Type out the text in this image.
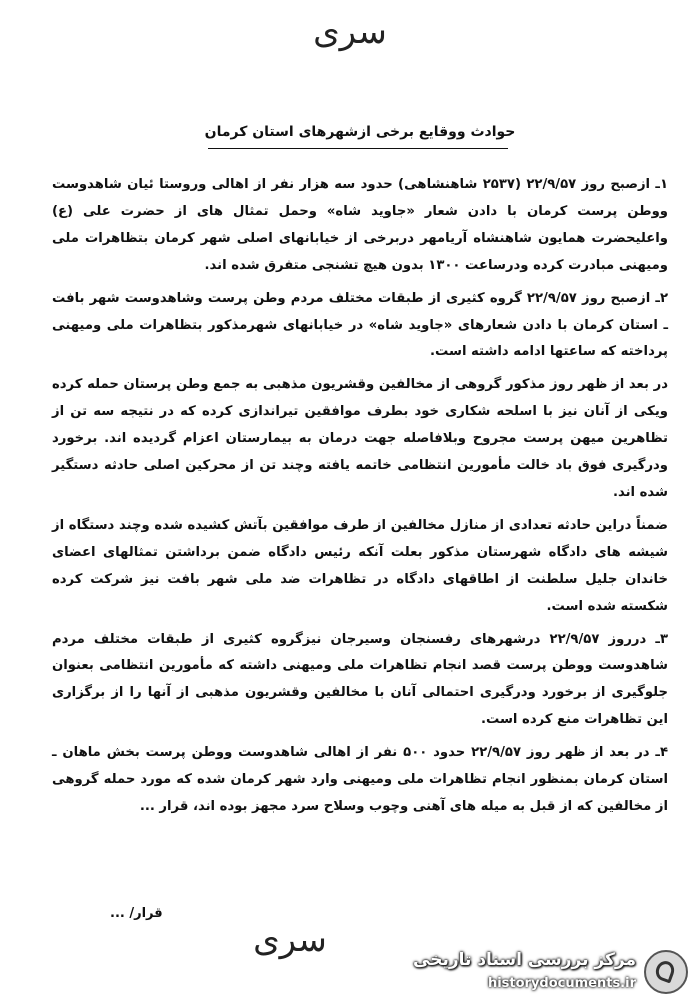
سری
حوادث ووقایع برخی ازشهرهای استان کرمان

۱ـ ازصبح روز ۲۲/۹/۵۷ (۲۵۳۷ شاهنشاهی) حدود سه هزار نفر از اهالی وروستا ئیان شاهدوست ووطن پرست کرمان با دادن شعار «جاوید شاه» وحمل تمثال های از حضرت علی (ع) واعلیحضرت همایون شاهنشاه آریامهر دربرخی از خیابانهای اصلی شهر کرمان بتظاهرات ملی ومیهنی مبادرت کرده ودرساعت ۱۳۰۰ بدون هیچ تشنجی متفرق شده اند.

۲ـ ازصبح روز ۲۲/۹/۵۷ گروه کثیری از طبقات مختلف مردم وطن پرست وشاهدوست شهر بافت ـ استان کرمان با دادن شعارهای «جاوید شاه» در خیابانهای شهرمذکور بتظاهرات ملی ومیهنی پرداخته که ساعتها ادامه داشته است.

در بعد از ظهر روز مذکور گروهی از مخالفین وقشریون مذهبی به جمع وطن پرستان حمله کرده ویکی از آنان نیز با اسلحه شکاری خود بطرف موافقین تیراندازی کرده که در نتیجه سه تن از تظاهرین میهن پرست مجروح وبلافاصله جهت درمان به بیمارستان اعزام گردیده اند. برخورد ودرگیری فوق باد خالت مأمورین انتظامی خاتمه یافته وچند تن از محرکین اصلی حادثه دستگیر شده اند.

ضمناً دراین حادثه تعدادی از منازل مخالفین از طرف موافقین بآتش کشیده شده وچند دستگاه از شیشه های دادگاه شهرستان مذکور بعلت آنکه رئیس دادگاه ضمن برداشتن تمثالهای اعضای خاندان جلیل سلطنت از اطاقهای دادگاه در تظاهرات ضد ملی شهر بافت نیز شرکت کرده شکسته شده است.

۳ـ درروز ۲۲/۹/۵۷ درشهرهای رفسنجان وسیرجان نیزگروه کثیری از طبقات مختلف مردم شاهدوست ووطن پرست قصد انجام تظاهرات ملی ومیهنی داشته که مأمورین انتظامی بعنوان جلوگیری از برخورد ودرگیری احتمالی آنان با مخالفین وقشریون مذهبی از آنها را از برگزاری این تظاهرات منع کرده است.

۴ـ در بعد از ظهر روز ۲۲/۹/۵۷ حدود ۵۰۰ نفر از اهالی شاهدوست ووطن پرست بخش ماهان ـ استان کرمان بمنظور انجام تظاهرات ملی ومیهنی وارد شهر کرمان شده که مورد حمله گروهی از مخالفین که از قبل به میله های آهنی وچوب وسلاح سرد مجهز بوده اند، قرار ...

قرار/ ...
سری	مرکز بررسی اسناد تاریخی
historydocuments.ir
